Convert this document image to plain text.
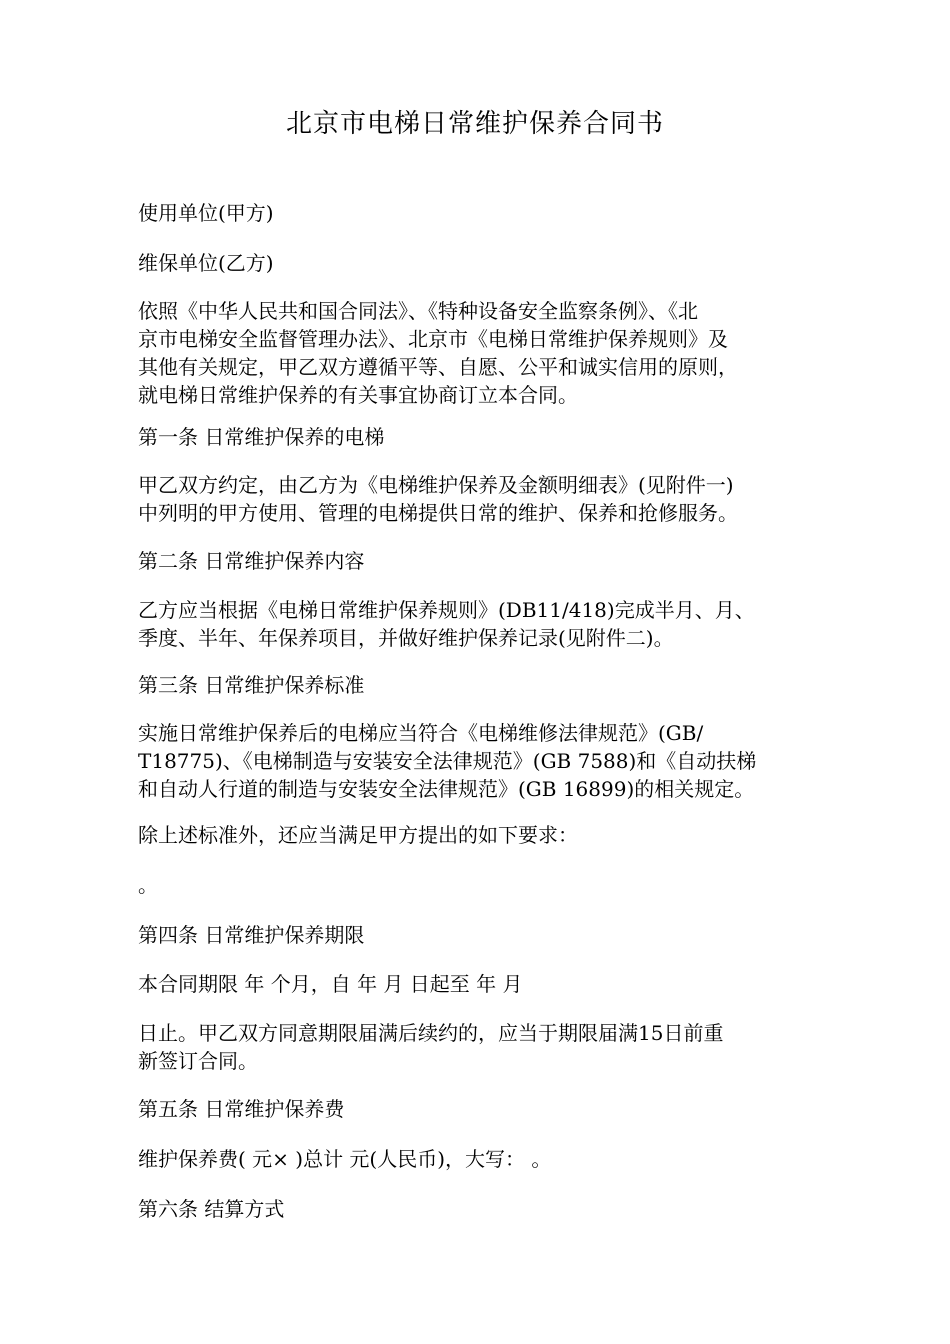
北京市电梯日常维护保养合同书
使用单位(甲方)
维保单位(乙方)
依照《中华人民共和国合同法》、《特种设备安全监察条例》、《北
京市电梯安全监督管理办法》、北京市《电梯日常维护保养规则》及
其他有关规定，甲乙双方遵循平等、自愿、公平和诚实信用的原则，
就电梯日常维护保养的有关事宜协商订立本合同。
第一条 日常维护保养的电梯
甲乙双方约定，由乙方为《电梯维护保养及金额明细表》(见附件一)
中列明的甲方使用、管理的电梯提供日常的维护、保养和抢修服务。
第二条 日常维护保养内容
乙方应当根据《电梯日常维护保养规则》(DB11/418)完成半月、月、
季度、半年、年保养项目，并做好维护保养记录(见附件二)。
第三条 日常维护保养标准
实施日常维护保养后的电梯应当符合《电梯维修法律规范》(GB/
T18775)、《电梯制造与安装安全法律规范》(GB 7588)和《自动扶梯
和自动人行道的制造与安装安全法律规范》(GB 16899)的相关规定。
除上述标准外，还应当满足甲方提出的如下要求：
。
第四条 日常维护保养期限
本合同期限 年 个月，自 年 月 日起至 年 月
日止。甲乙双方同意期限届满后续约的，应当于期限届满15日前重
新签订合同。
第五条 日常维护保养费
维护保养费( 元× )总计 元(人民币)，大写： 。
第六条 结算方式
